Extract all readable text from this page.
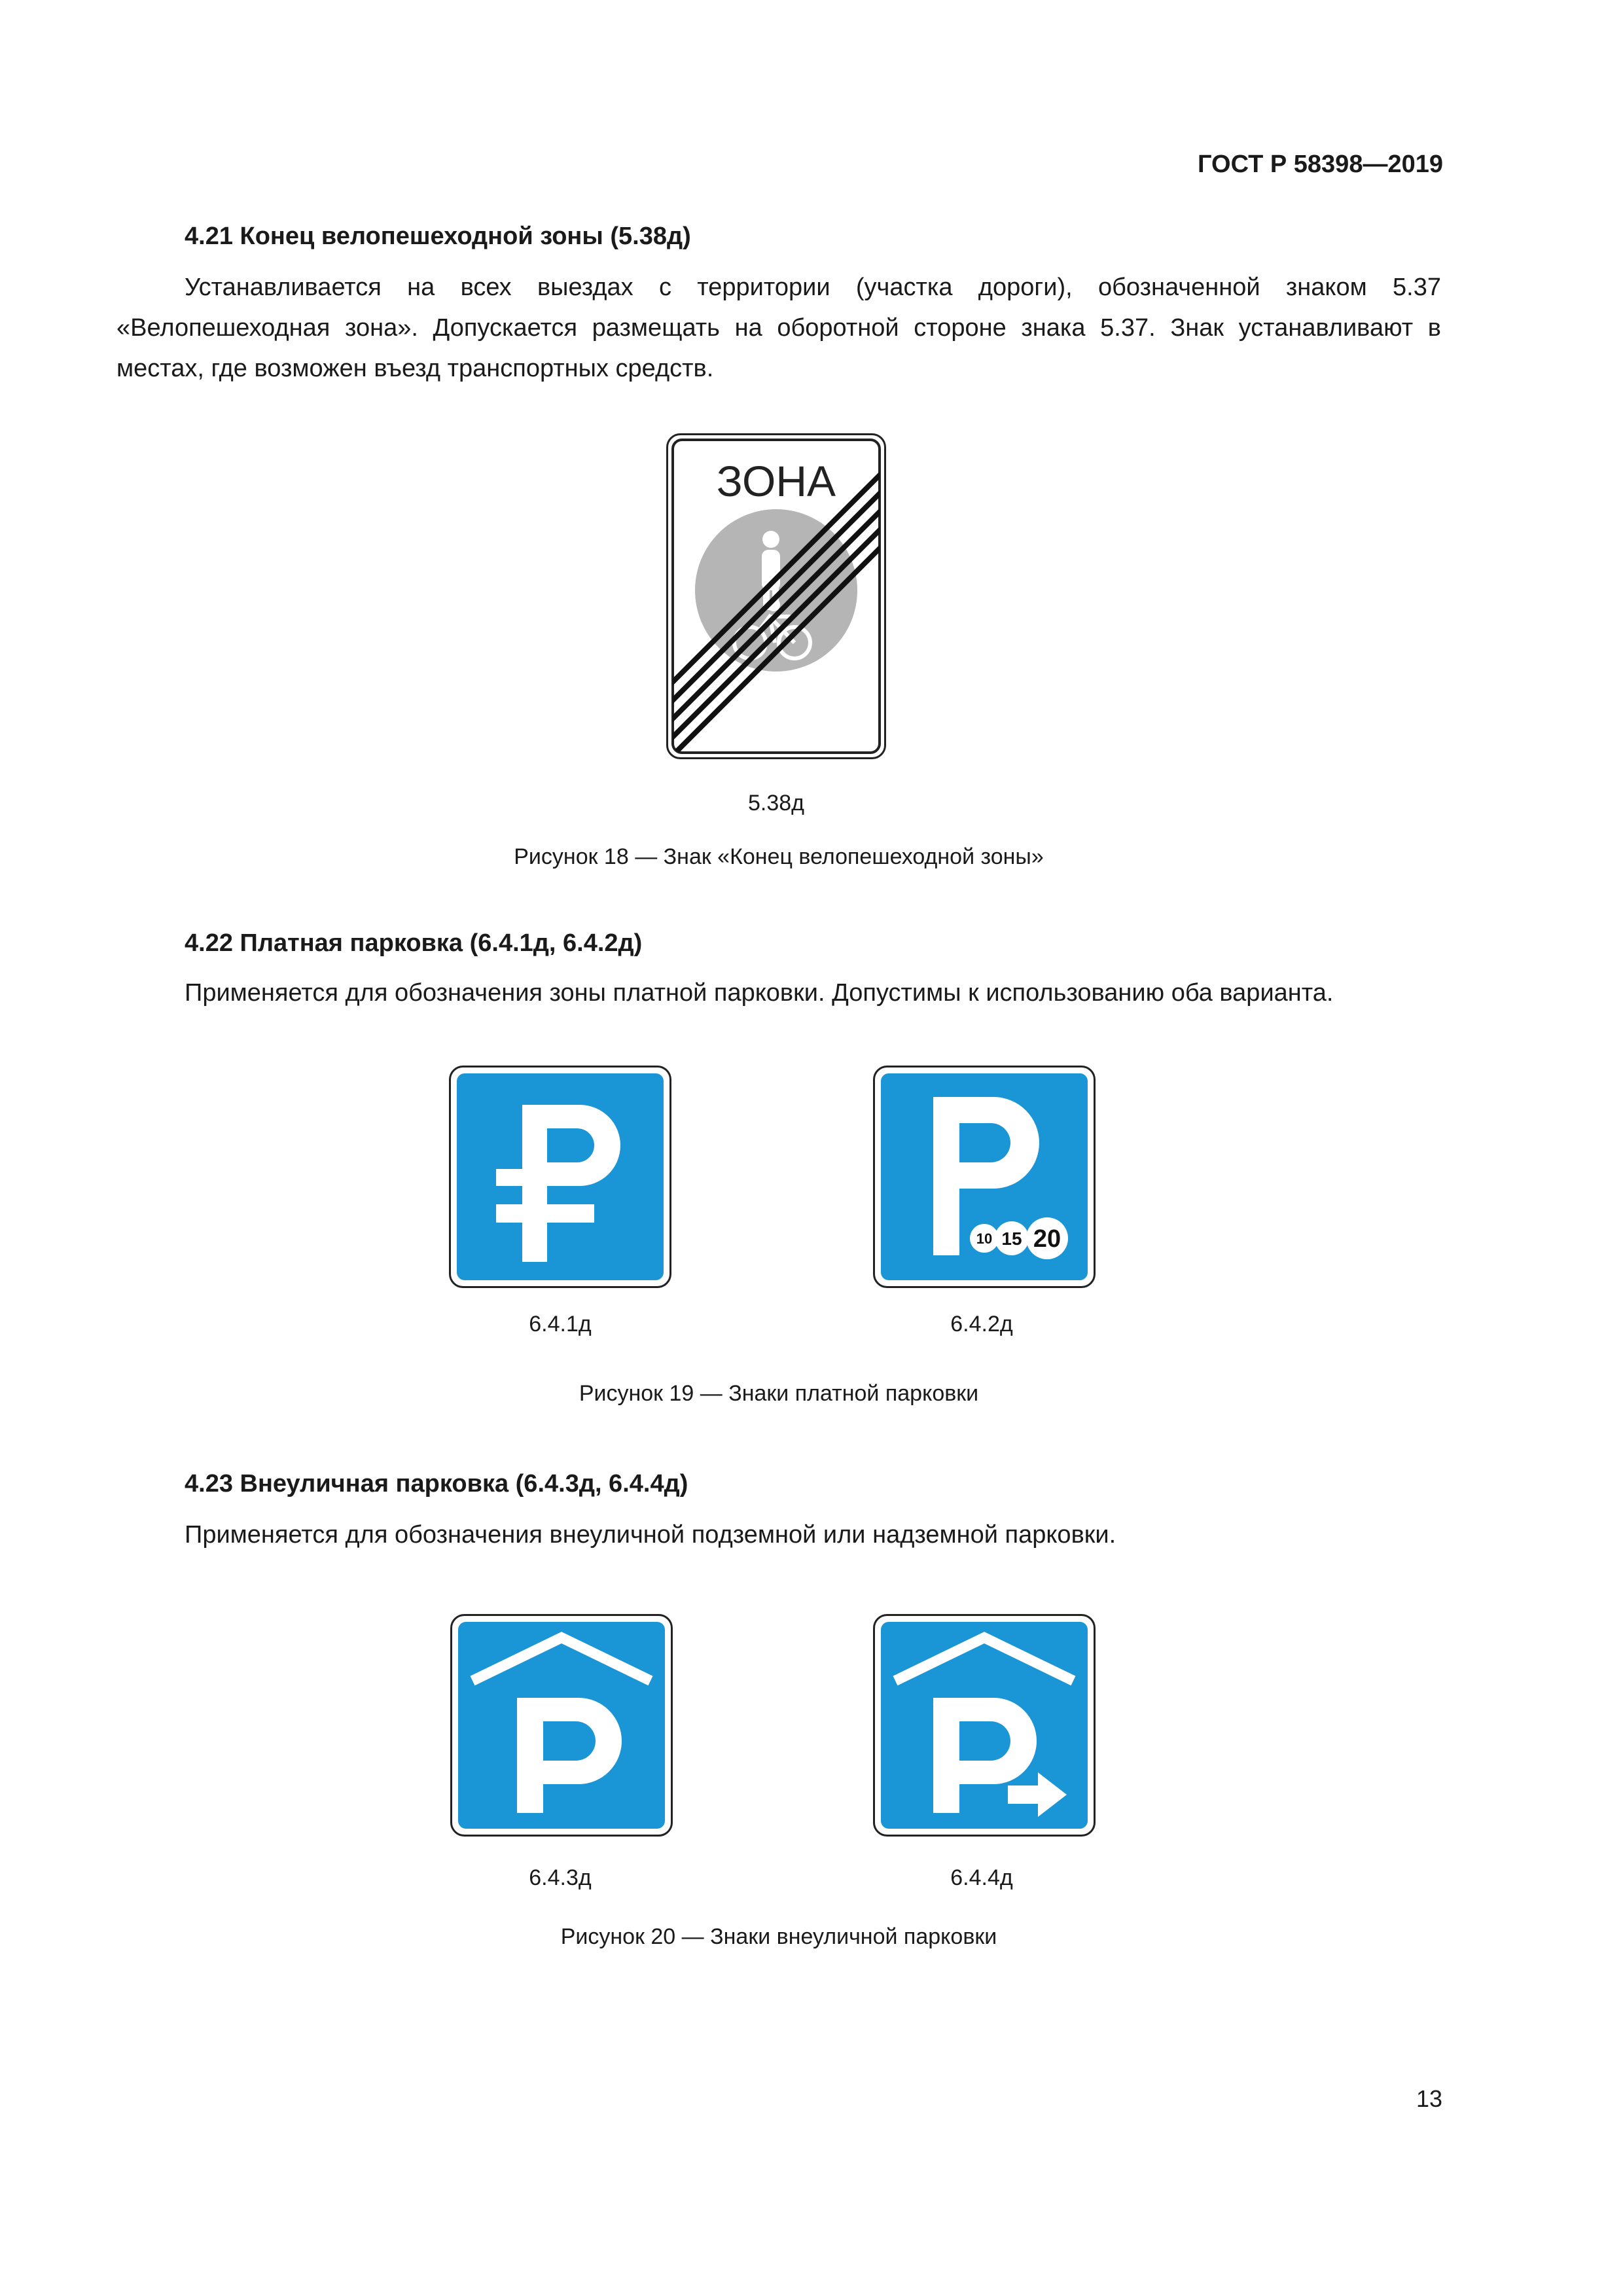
ГОСТ Р 58398—2019
4.21 Конец велопешеходной зоны (5.38д)
Устанавливается на всех выездах с территории (участка дороги), обозначенной знаком 5.37 «Велопешеходная зона». Допускается размещать на оборотной стороне знака 5.37. Знак устанавливают в местах, где возможен въезд транспортных средств.
ЗОНА
5.38д
Рисунок 18 — Знак «Конец велопешеходной зоны»
4.22 Платная парковка (6.4.1д, 6.4.2д)
Применяется для обозначения зоны платной парковки. Допустимы к использованию оба варианта.
6.4.1д
10 15 20
6.4.2д
Рисунок 19 — Знаки платной парковки
4.23 Внеуличная парковка (6.4.3д, 6.4.4д)
Применяется для обозначения внеуличной подземной или надземной парковки.
6.4.3д	6.4.4д
Рисунок 20 — Знаки внеуличной парковки
13
